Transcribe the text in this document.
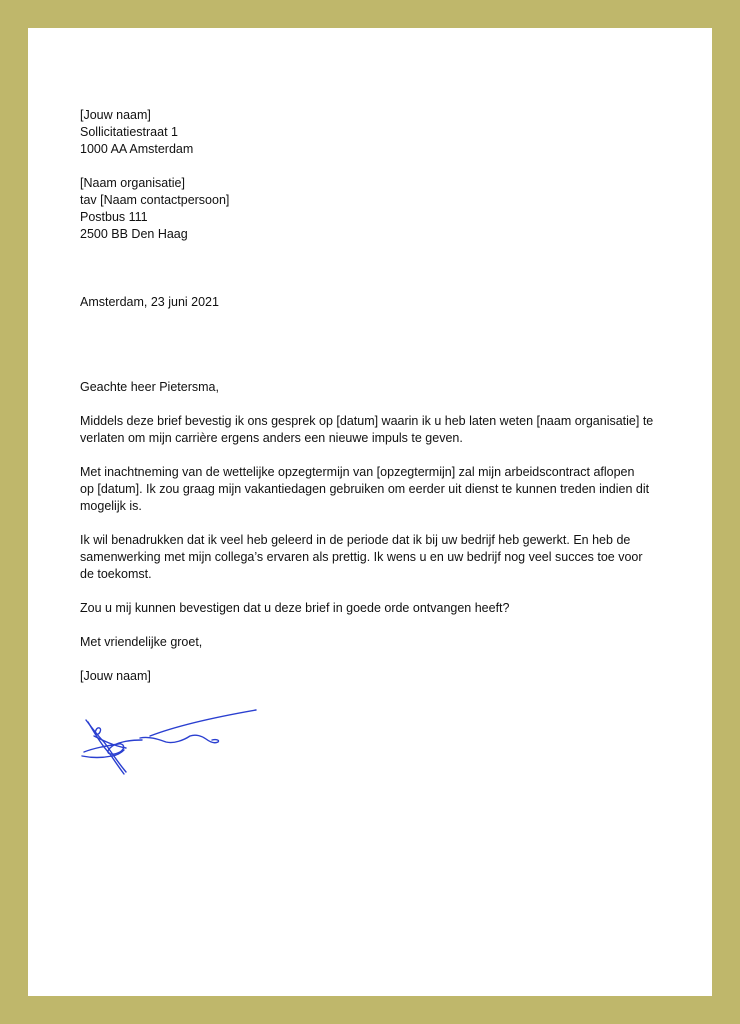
[Jouw naam]
Sollicitatiestraat 1
1000 AA Amsterdam
[Naam organisatie]
tav [Naam contactpersoon]
Postbus 111
2500 BB Den Haag
Amsterdam, 23 juni 2021
Geachte heer Pietersma,
Middels deze brief bevestig ik ons gesprek op [datum] waarin ik u heb laten weten [naam organisatie] te
verlaten om mijn carrière ergens anders een nieuwe impuls te geven.
Met inachtneming van de wettelijke opzegtermijn van [opzegtermijn] zal mijn arbeidscontract aflopen
op [datum]. Ik zou graag mijn vakantiedagen gebruiken om eerder uit dienst te kunnen treden indien dit
mogelijk is.
Ik wil benadrukken dat ik veel heb geleerd in de periode dat ik bij uw bedrijf heb gewerkt. En heb de
samenwerking met mijn collega’s ervaren als prettig. Ik wens u en uw bedrijf nog veel succes toe voor
de toekomst.
Zou u mij kunnen bevestigen dat u deze brief in goede orde ontvangen heeft?
Met vriendelijke groet,
[Jouw naam]
